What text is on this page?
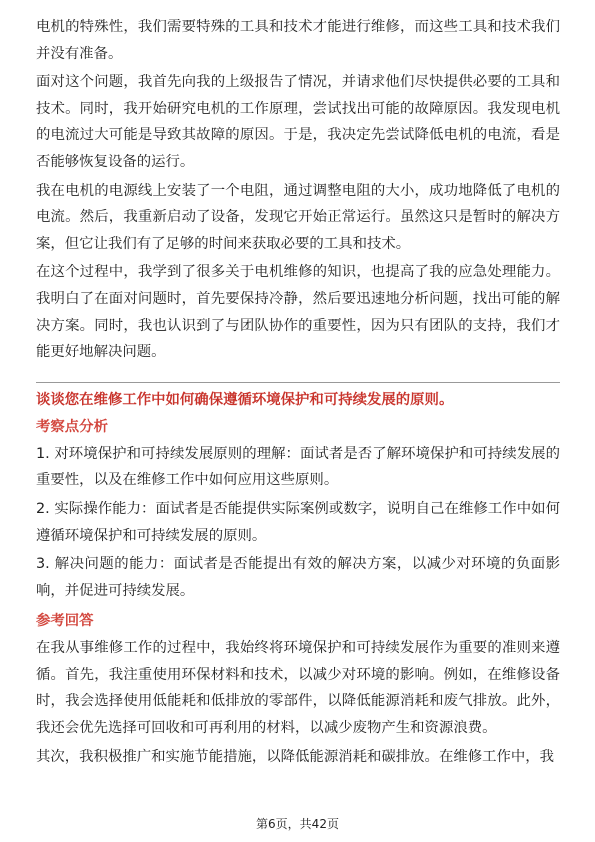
电机的特殊性，我们需要特殊的工具和技术才能进行维修，而这些工具和技术我们并没有准备。

面对这个问题，我首先向我的上级报告了情况，并请求他们尽快提供必要的工具和技术。同时，我开始研究电机的工作原理，尝试找出可能的故障原因。我发现电机的电流过大可能是导致其故障的原因。于是，我决定先尝试降低电机的电流，看是否能够恢复设备的运行。

我在电机的电源线上安装了一个电阻，通过调整电阻的大小，成功地降低了电机的电流。然后，我重新启动了设备，发现它开始正常运行。虽然这只是暂时的解决方案，但它让我们有了足够的时间来获取必要的工具和技术。

在这个过程中，我学到了很多关于电机维修的知识，也提高了我的应急处理能力。我明白了在面对问题时，首先要保持冷静，然后要迅速地分析问题，找出可能的解决方案。同时，我也认识到了与团队协作的重要性，因为只有团队的支持，我们才能更好地解决问题。

谈谈您在维修工作中如何确保遵循环境保护和可持续发展的原则。

考察点分析

1. 对环境保护和可持续发展原则的理解：面试者是否了解环境保护和可持续发展的重要性，以及在维修工作中如何应用这些原则。

2. 实际操作能力：面试者是否能提供实际案例或数字，说明自己在维修工作中如何遵循环境保护和可持续发展的原则。

3. 解决问题的能力：面试者是否能提出有效的解决方案，以减少对环境的负面影响，并促进可持续发展。

参考回答

在我从事维修工作的过程中，我始终将环境保护和可持续发展作为重要的准则来遵循。首先，我注重使用环保材料和技术，以减少对环境的影响。例如，在维修设备时，我会选择使用低能耗和低排放的零部件，以降低能源消耗和废气排放。此外，我还会优先选择可回收和可再利用的材料，以减少废物产生和资源浪费。

其次，我积极推广和实施节能措施，以降低能源消耗和碳排放。在维修工作中，我

第6页，共42页
